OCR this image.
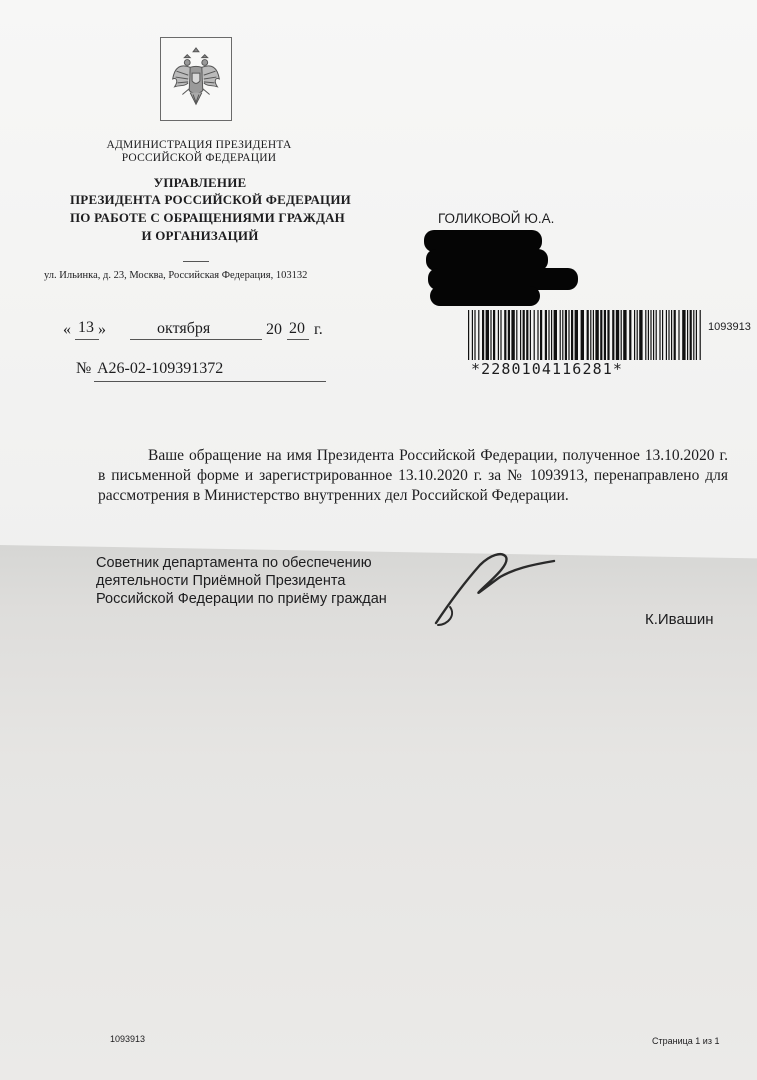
АДМИНИСТРАЦИЯ ПРЕЗИДЕНТА
РОССИЙСКОЙ ФЕДЕРАЦИИ
УПРАВЛЕНИЕ
ПРЕЗИДЕНТА РОССИЙСКОЙ ФЕДЕРАЦИИ
ПО РАБОТЕ С ОБРАЩЕНИЯМИ ГРАЖДАН
И ОРГАНИЗАЦИЙ
ул. Ильинка, д. 23, Москва, Российская Федерация, 103132
« 13 »	октября	20 20 г.
№ А26-02-109391372
ГОЛИКОВОЙ Ю.А.
*2280104116281*
1093913
Ваше обращение на имя Президента Российской Федерации, полученное 13.10.2020 г. в письменной форме и зарегистрированное 13.10.2020 г. за № 1093913, перенаправлено для рассмотрения в Министерство внутренних дел Российской Федерации.
Советник департамента по обеспечению деятельности Приёмной Президента Российской Федерации по приёму граждан
К.Ивашин
1093913	Страница 1 из 1
